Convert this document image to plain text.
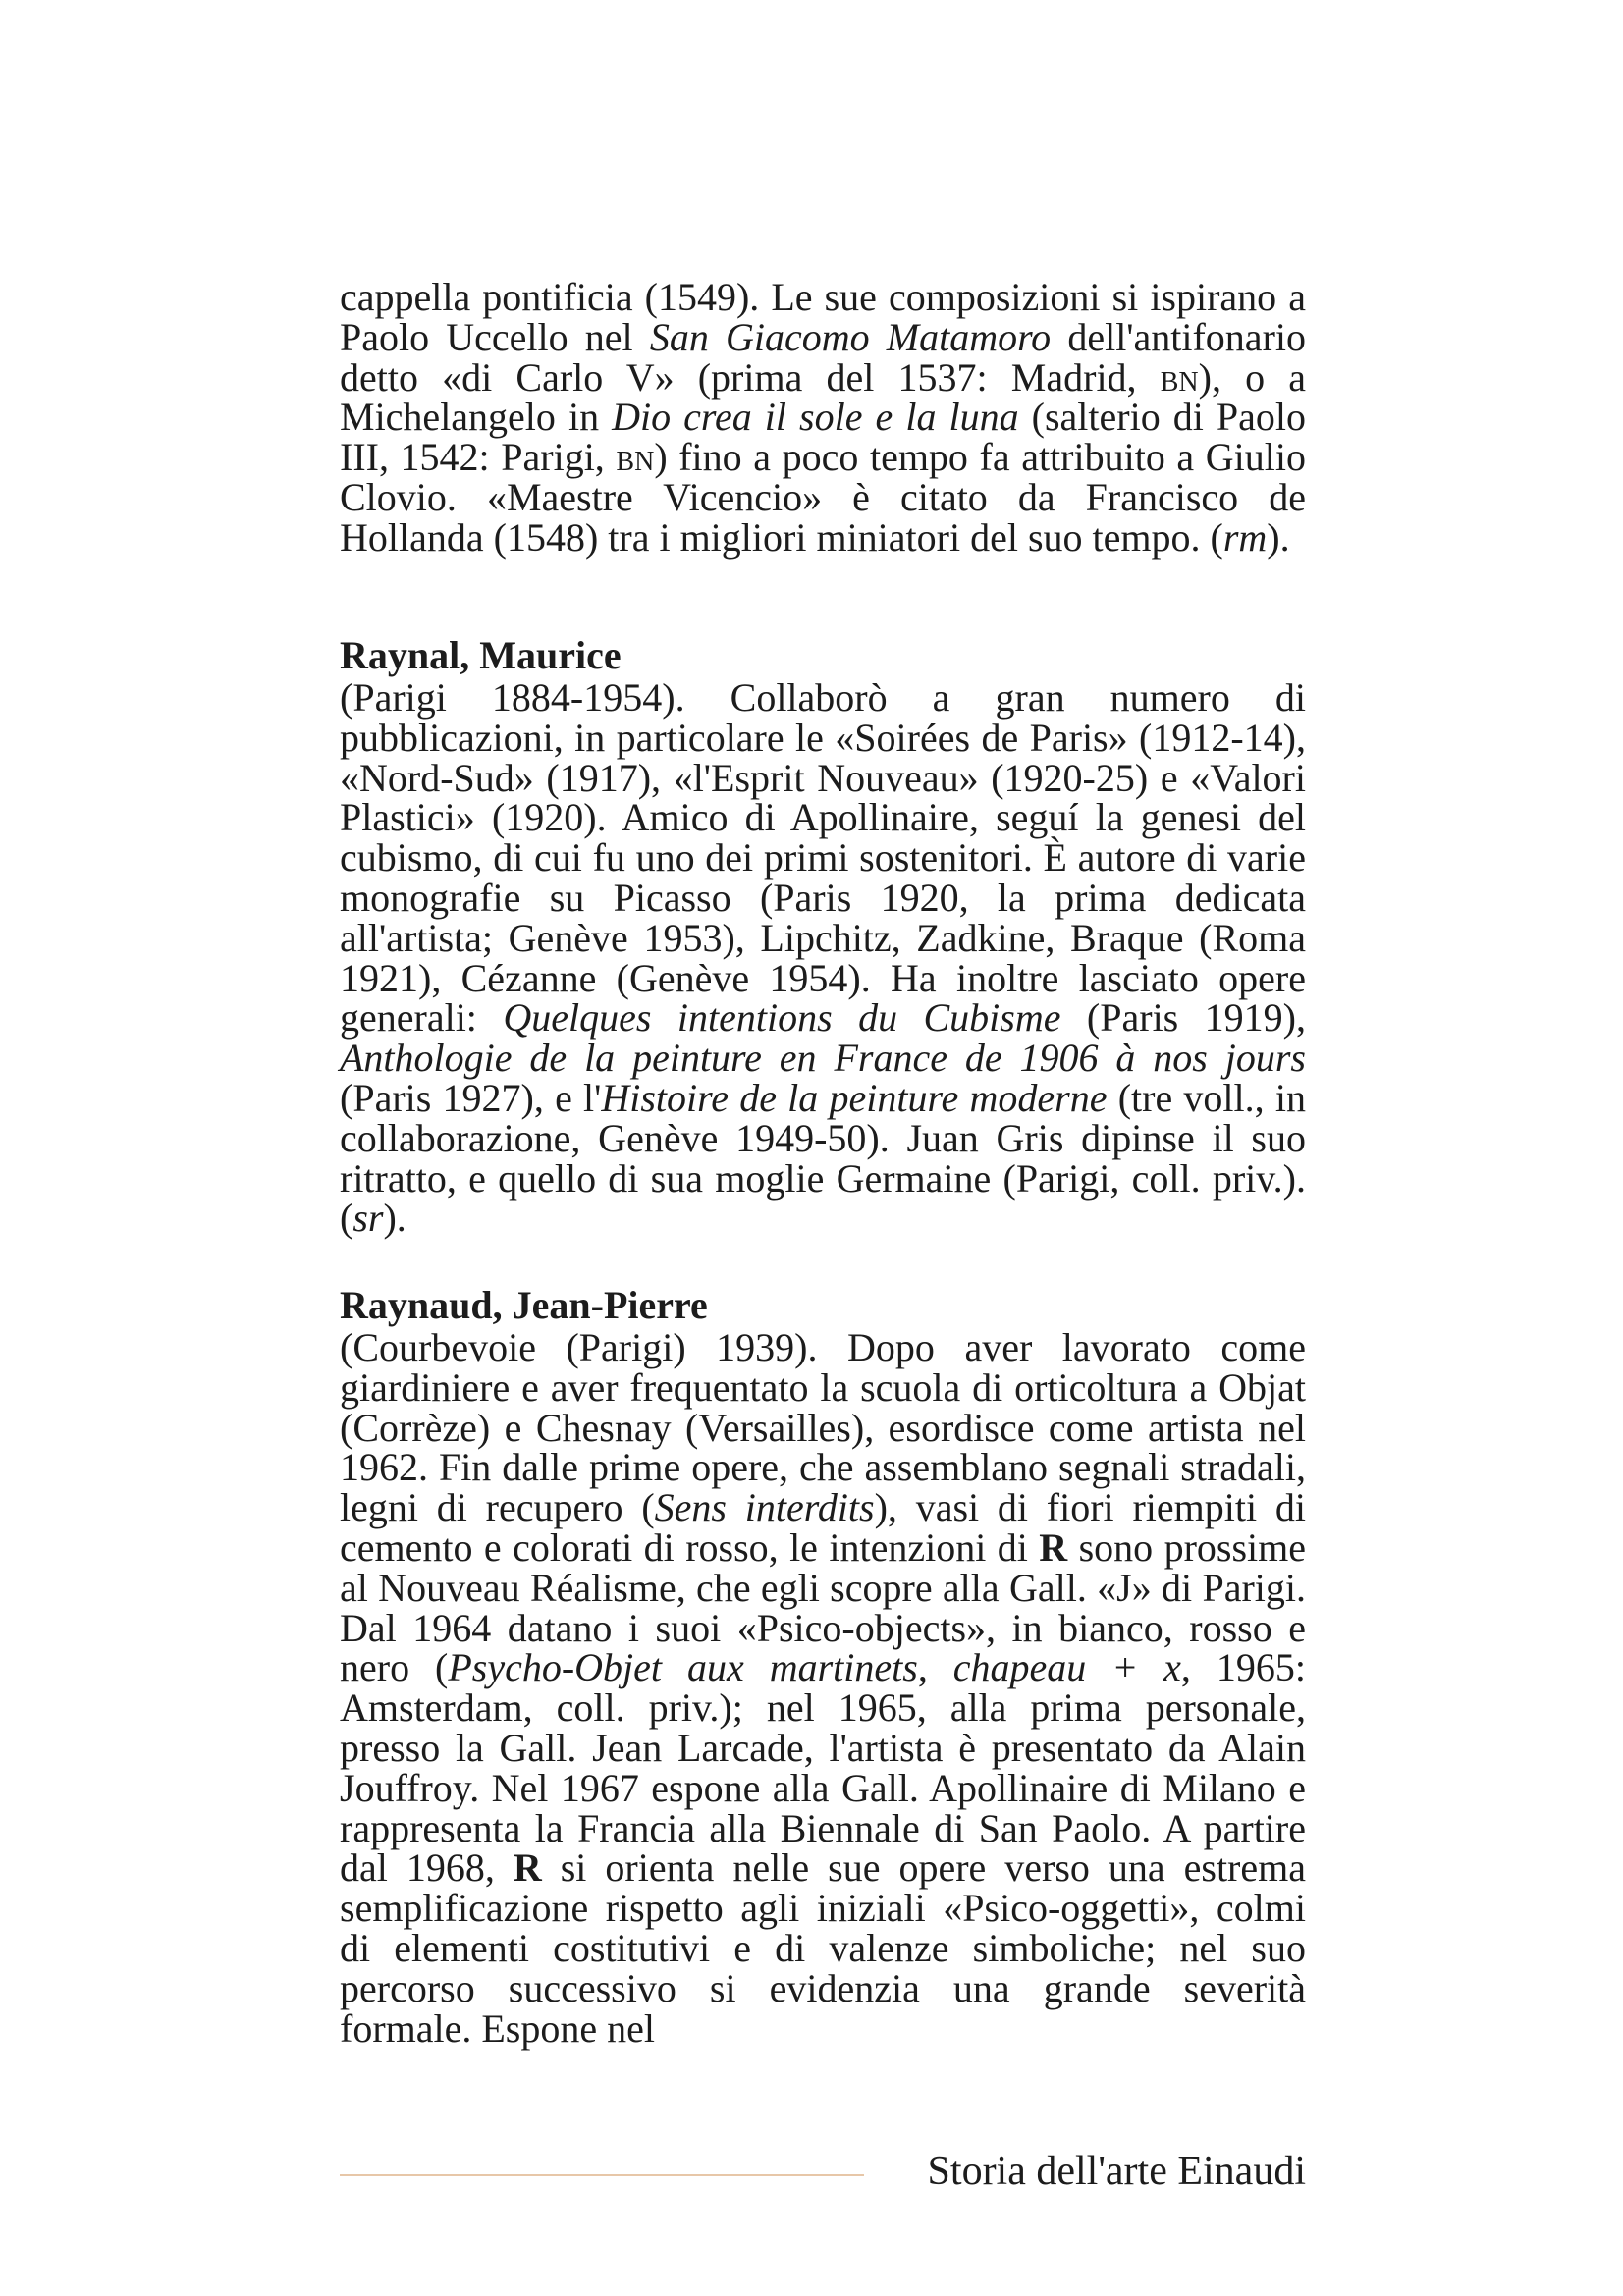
cappella pontificia (1549). Le sue composizioni si ispirano a Paolo Uccello nel San Giacomo Matamoro dell'antifonario detto «di Carlo V» (prima del 1537: Madrid, bn), o a Michelangelo in Dio crea il sole e la luna (salterio di Paolo III, 1542: Parigi, bn) fino a poco tempo fa attribuito a Giulio Clovio. «Maestre Vicencio» è citato da Francisco de Hollanda (1548) tra i migliori miniatori del suo tempo. (rm).

Raynal, Maurice

(Parigi 1884-1954). Collaborò a gran numero di pubblicazioni, in particolare le «Soirées de Paris» (1912-14), «Nord-Sud» (1917), «l'Esprit Nouveau» (1920-25) e «Valori Plastici» (1920). Amico di Apollinaire, seguí la genesi del cubismo, di cui fu uno dei primi sostenitori. È autore di varie monografie su Picasso (Paris 1920, la prima dedicata all'artista; Genève 1953), Lipchitz, Zadkine, Braque (Roma 1921), Cézanne (Genève 1954). Ha inoltre lasciato opere generali: Quelques intentions du Cubisme (Paris 1919), Anthologie de la peinture en France de 1906 à nos jours (Paris 1927), e l'Histoire de la peinture moderne (tre voll., in collaborazione, Genève 1949-50). Juan Gris dipinse il suo ritratto, e quello di sua moglie Germaine (Parigi, coll. priv.). (sr).

Raynaud, Jean-Pierre

(Courbevoie (Parigi) 1939). Dopo aver lavorato come giardiniere e aver frequentato la scuola di orticoltura a Objat (Corrèze) e Chesnay (Versailles), esordisce come artista nel 1962. Fin dalle prime opere, che assemblano segnali stradali, legni di recupero (Sens interdits), vasi di fiori riempiti di cemento e colorati di rosso, le intenzioni di R sono prossime al Nouveau Réalisme, che egli scopre alla Gall. «J» di Parigi. Dal 1964 datano i suoi «Psico-objects», in bianco, rosso e nero (Psycho-Objet aux martinets, chapeau + x, 1965: Amsterdam, coll. priv.); nel 1965, alla prima personale, presso la Gall. Jean Larcade, l'artista è presentato da Alain Jouffroy. Nel 1967 espone alla Gall. Apollinaire di Milano e rappresenta la Francia alla Biennale di San Paolo. A partire dal 1968, R si orienta nelle sue opere verso una estrema semplificazione rispetto agli iniziali «Psico-oggetti», colmi di elementi costitutivi e di valenze simboliche; nel suo percorso successivo si evidenzia una grande severità formale. Espone nel

Storia dell'arte Einaudi
